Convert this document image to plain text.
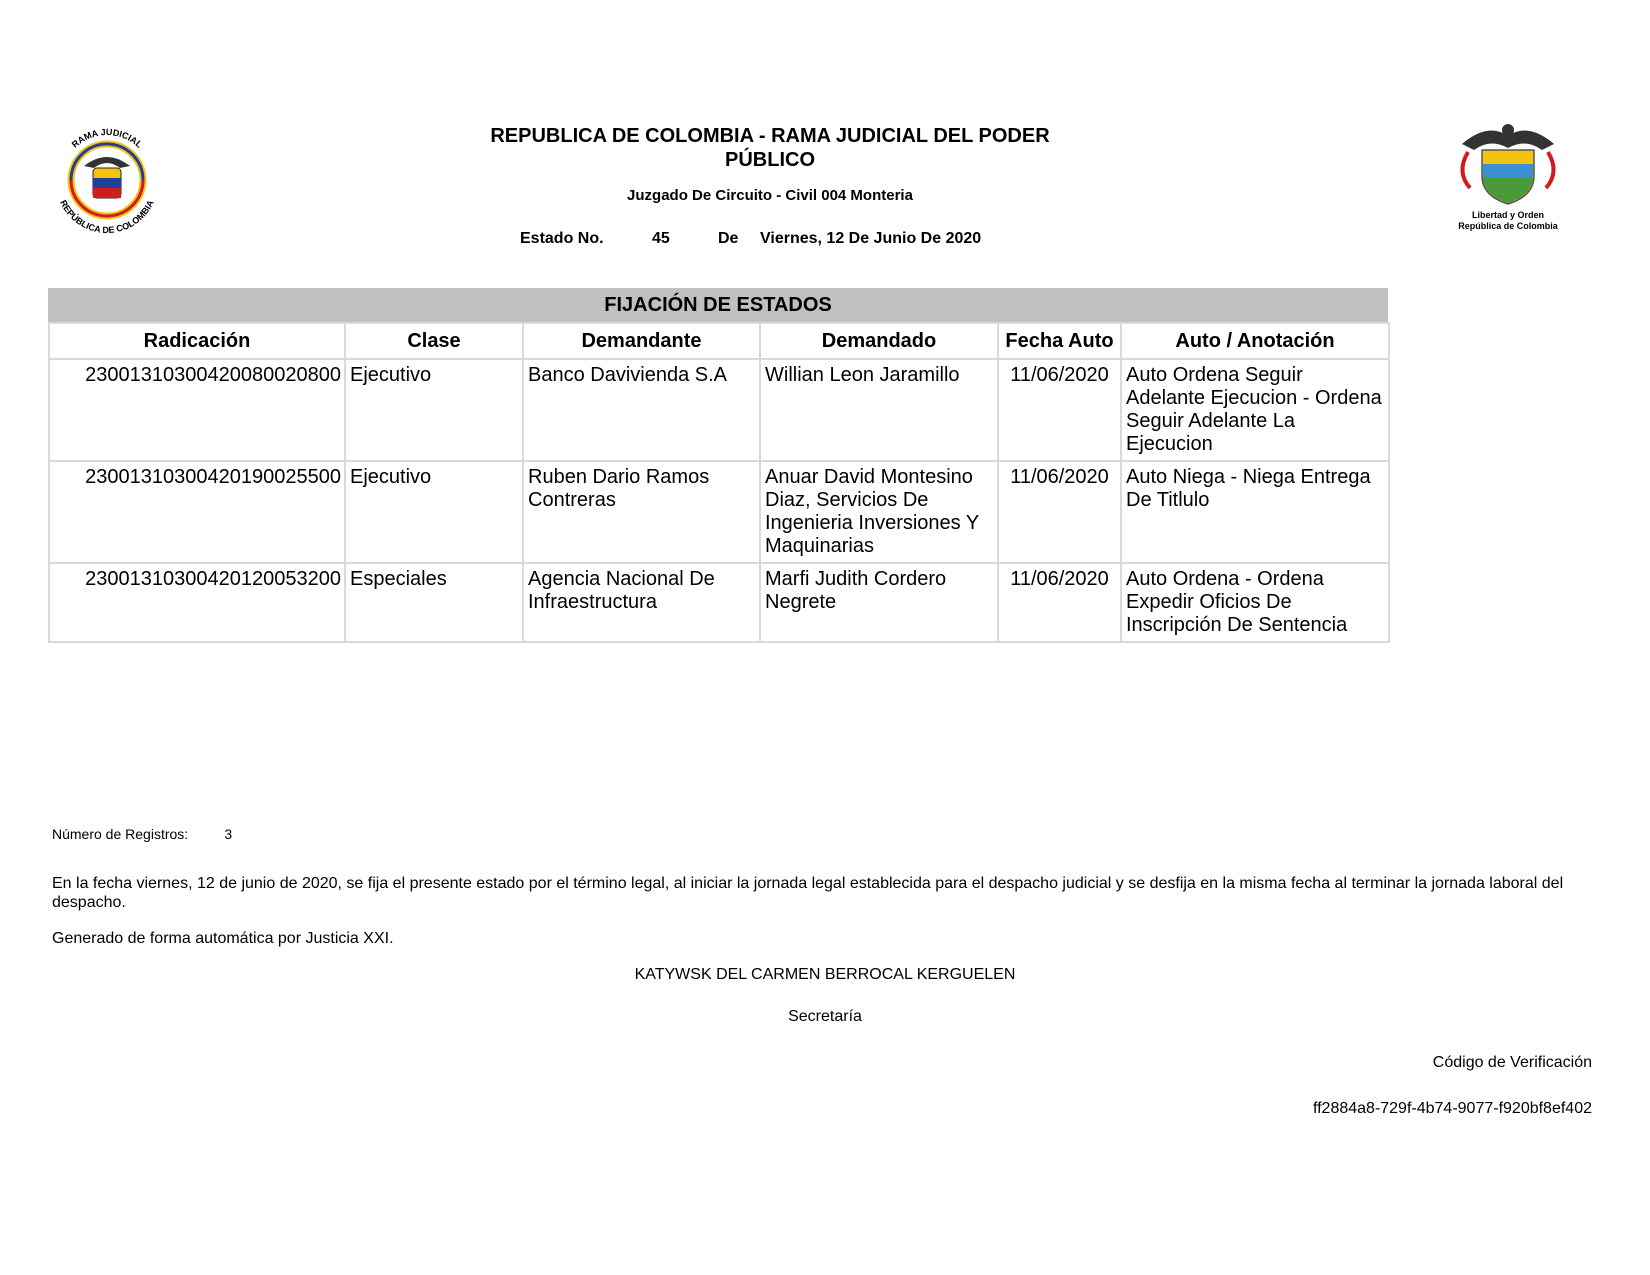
RAMA JUDICIAL
REPÚBLICA DE COLOMBIA
Libertad y Orden
República de Colombia
REPUBLICA DE COLOMBIA - RAMA JUDICIAL DEL PODER
PÚBLICO
Juzgado De Circuito - Civil 004 Monteria
Estado No.	45	De Viernes, 12 De Junio De 2020
FIJACIÓN DE ESTADOS
Radicación	Clase	Demandante	Demandado	Fecha Auto	Auto / Anotación
23001310300420080020800	Ejecutivo	Banco Davivienda S.A	Willian Leon Jaramillo	11/06/2020	Auto Ordena Seguir Adelante Ejecucion - Ordena Seguir Adelante La Ejecucion
23001310300420190025500	Ejecutivo	Ruben Dario Ramos Contreras	Anuar David Montesino Diaz, Servicios De Ingenieria Inversiones Y Maquinarias	11/06/2020	Auto Niega - Niega Entrega De Titlulo
23001310300420120053200	Especiales	Agencia Nacional De Infraestructura	Marfi Judith Cordero Negrete	11/06/2020	Auto Ordena - Ordena Expedir Oficios De Inscripción De Sentencia
Número de Registros:	3
En la fecha viernes, 12 de junio de 2020, se fija el presente estado por el término legal, al iniciar la jornada legal establecida para el despacho judicial y se desfija en la misma fecha al terminar la jornada laboral del despacho.
Generado de forma automática por Justicia XXI.
KATYWSK DEL CARMEN BERROCAL KERGUELEN
Secretaría
Código de Verificación
ff2884a8-729f-4b74-9077-f920bf8ef402
